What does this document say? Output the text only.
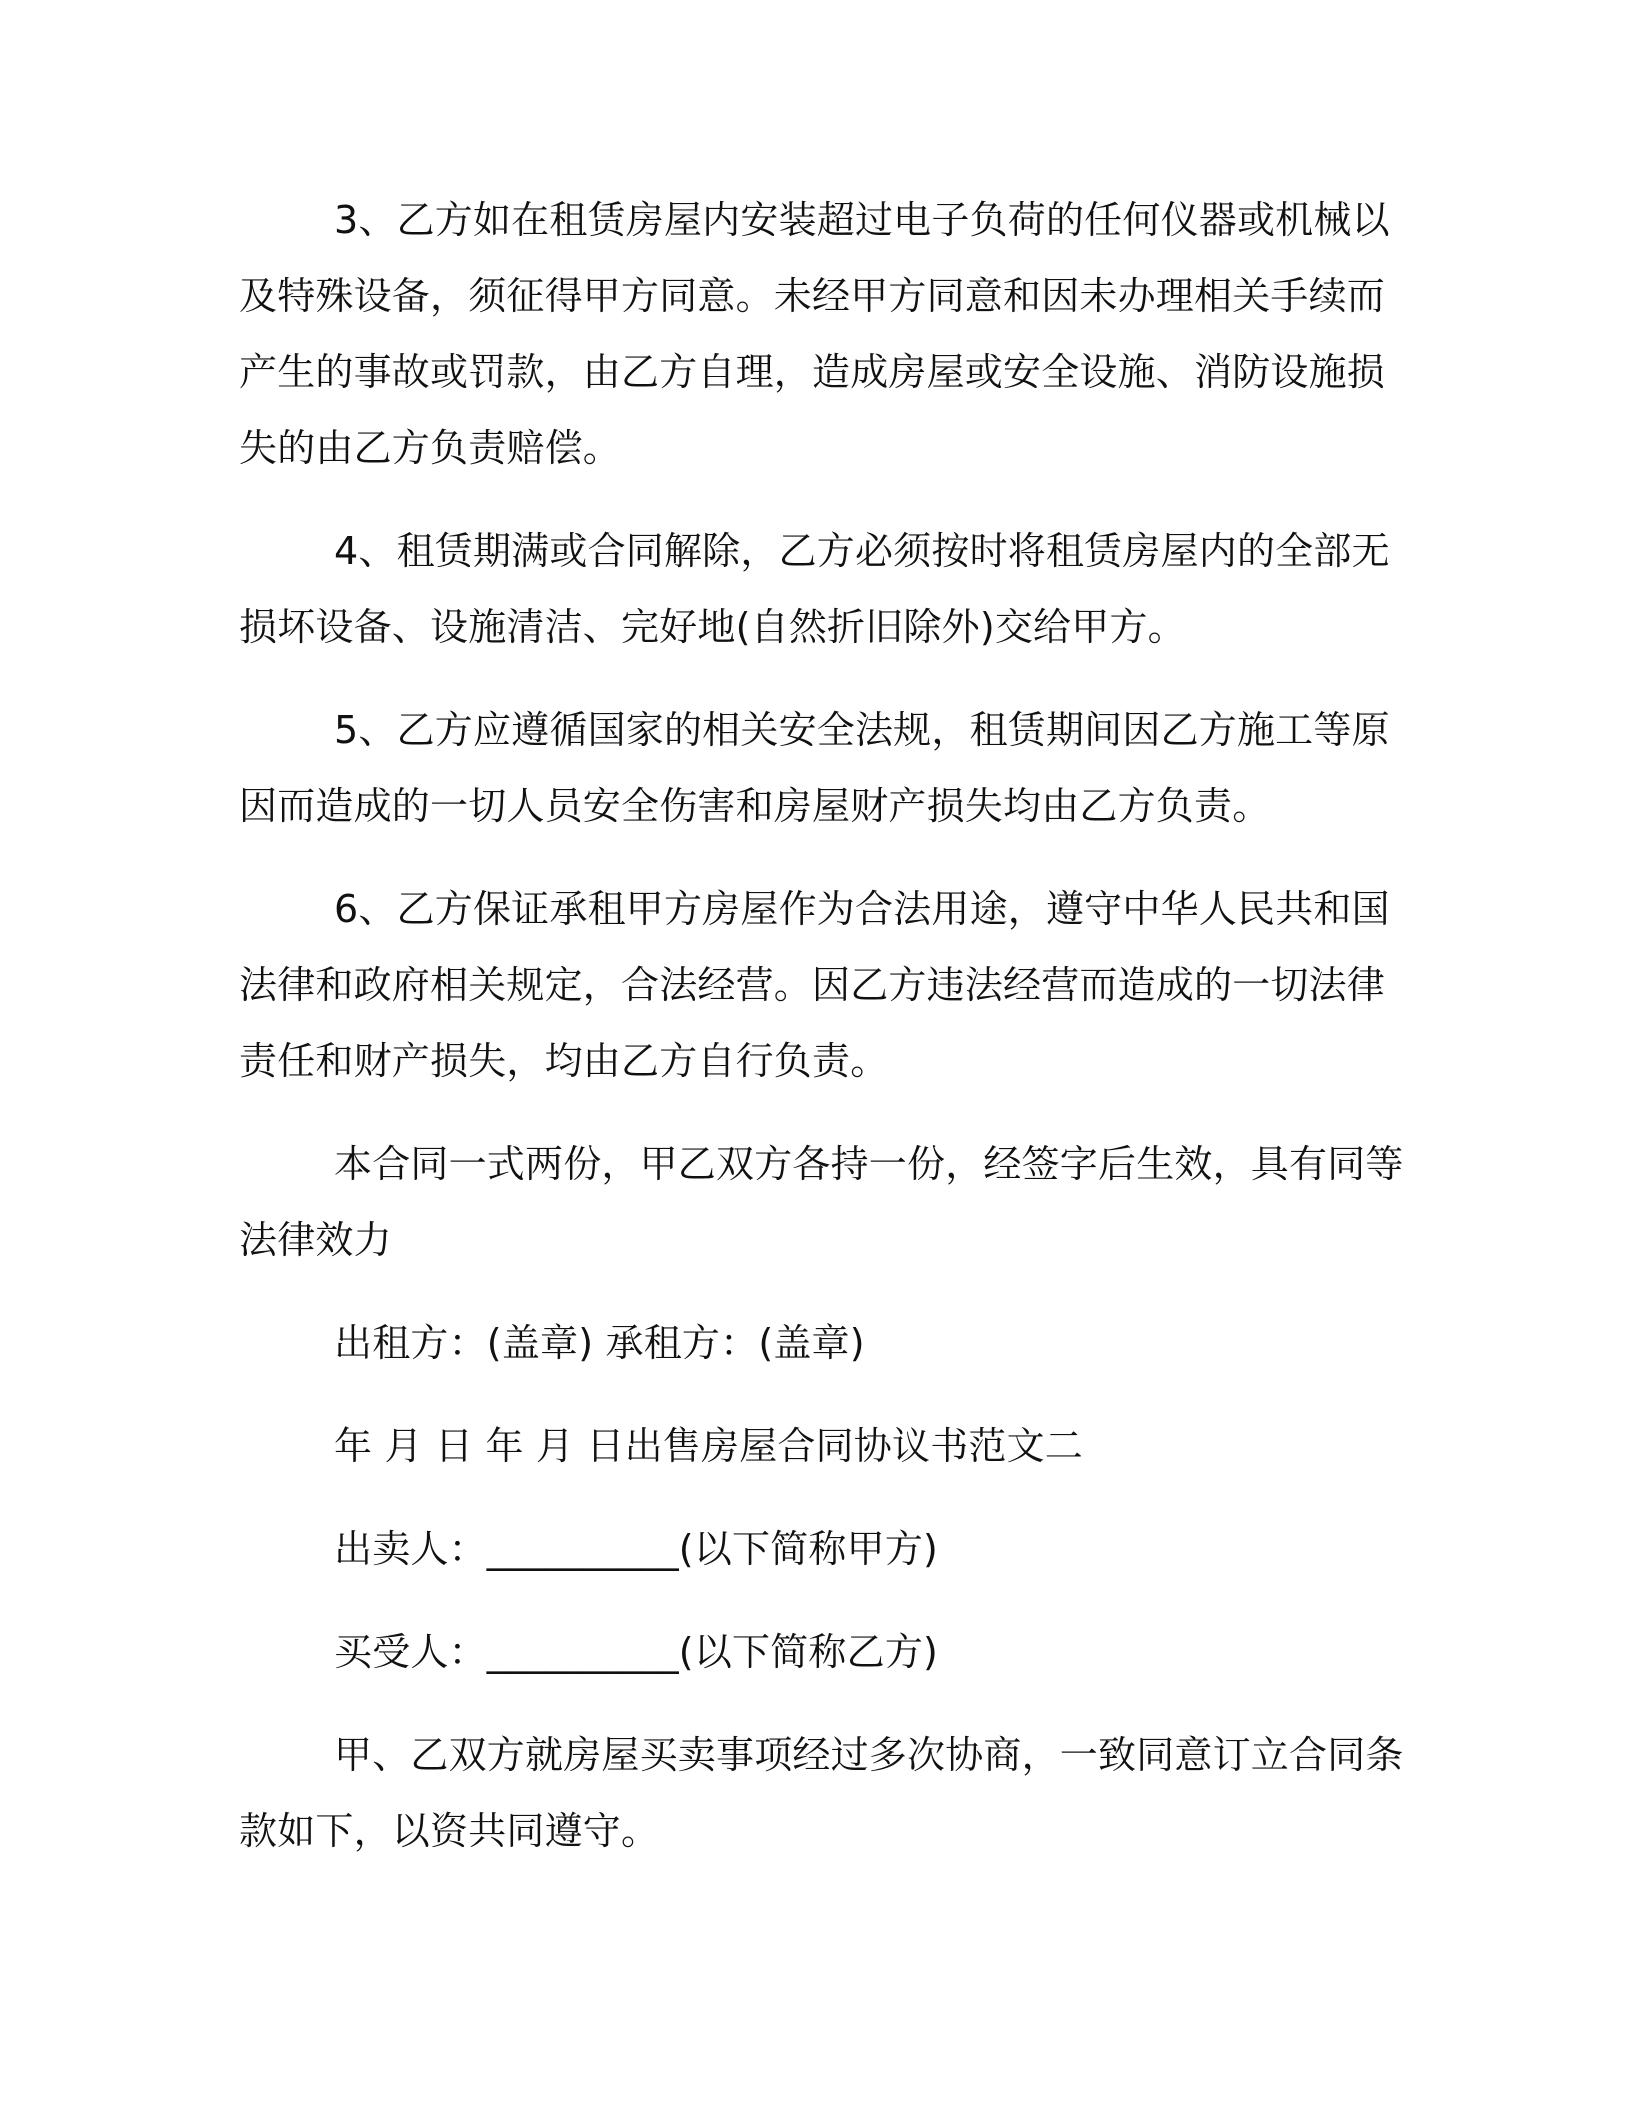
3、乙方如在租赁房屋内安装超过电子负荷的任何仪器或机械以
及特殊设备，须征得甲方同意。未经甲方同意和因未办理相关手续而
产生的事故或罚款，由乙方自理，造成房屋或安全设施、消防设施损
失的由乙方负责赔偿。
4、租赁期满或合同解除，乙方必须按时将租赁房屋内的全部无
损坏设备、设施清洁、完好地(自然折旧除外)交给甲方。
5、乙方应遵循国家的相关安全法规，租赁期间因乙方施工等原
因而造成的一切人员安全伤害和房屋财产损失均由乙方负责。
6、乙方保证承租甲方房屋作为合法用途，遵守中华人民共和国
法律和政府相关规定，合法经营。因乙方违法经营而造成的一切法律
责任和财产损失，均由乙方自行负责。
本合同一式两份，甲乙双方各持一份，经签字后生效，具有同等
法律效力
出租方：(盖章) 承租方：(盖章)
年 月 日 年 月 日出售房屋合同协议书范文二
出卖人：__________(以下简称甲方)
买受人：__________(以下简称乙方)
甲、乙双方就房屋买卖事项经过多次协商，一致同意订立合同条
款如下，以资共同遵守。
